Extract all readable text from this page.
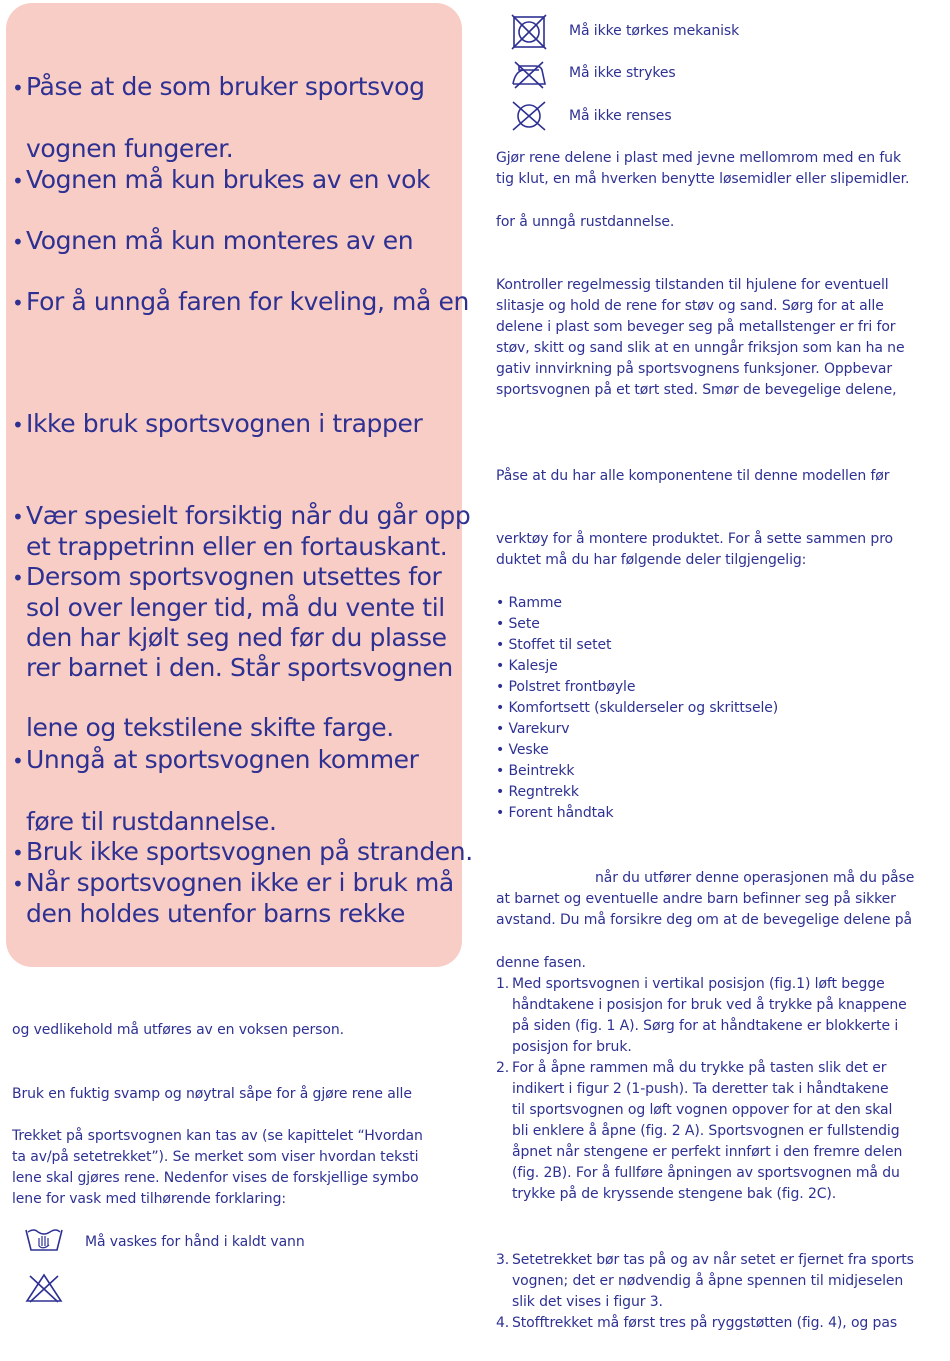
• Påse at de som bruker sportsvog
vognen fungerer.
• Vognen må kun brukes av en vok
• Vognen må kun monteres av en
• For å unngå faren for kveling, må en
• Ikke bruk sportsvognen i trapper
• Vær spesielt forsiktig når du går opp
et trappetrinn eller en fortauskant.
• Dersom sportsvognen utsettes for
sol over lenger tid, må du vente til
den har kjølt seg ned før du plasse
rer barnet i den. Står sportsvognen
lene og tekstilene skifte farge.
• Unngå at sportsvognen kommer
føre til rustdannelse.
• Bruk ikke sportsvognen på stranden.
• Når sportsvognen ikke er i bruk må
den holdes utenfor barns rekke
og vedlikehold må utføres av en voksen person.
Bruk en fuktig svamp og nøytral såpe for å gjøre rene alle
Trekket på sportsvognen kan tas av (se kapittelet “Hvordan
ta av/på setetrekket”). Se merket som viser hvordan teksti
lene skal gjøres rene. Nedenfor vises de forskjellige symbo
lene for vask med tilhørende forklaring:
Må vaskes for hånd i kaldt vann
Må ikke tørkes mekanisk
Må ikke strykes
Må ikke renses
Gjør rene delene i plast med jevne mellomrom med en fuk
tig klut, en må hverken benytte løsemidler eller slipemidler.
for å unngå rustdannelse.
Kontroller regelmessig tilstanden til hjulene for eventuell
slitasje og hold de rene for støv og sand. Sørg for at alle
delene i plast som beveger seg på metallstenger er fri for
støv, skitt og sand slik at en unngår friksjon som kan ha ne
gativ innvirkning på sportsvognens funksjoner. Oppbevar
sportsvognen på et tørt sted. Smør de bevegelige delene,
Påse at du har alle komponentene til denne modellen før
verktøy for å montere produktet. For å sette sammen pro
duktet må du har følgende deler tilgjengelig:
• Ramme
• Sete
• Stoffet til setet
• Kalesje
• Polstret frontbøyle
• Komfortsett (skulderseler og skrittsele)
• Varekurv
• Veske
• Beintrekk
• Regntrekk
• Forent håndtak
når du utfører denne operasjonen må du påse
at barnet og eventuelle andre barn befinner seg på sikker
avstand. Du må forsikre deg om at de bevegelige delene på
denne fasen.
1. Med sportsvognen i vertikal posisjon (fig.1) løft begge
håndtakene i posisjon for bruk ved å trykke på knappene
på siden (fig. 1 A). Sørg for at håndtakene er blokkerte i
posisjon for bruk.
2. For å åpne rammen må du trykke på tasten slik det er
indikert i figur 2 (1-push). Ta deretter tak i håndtakene
til sportsvognen og løft vognen oppover for at den skal
bli enklere å åpne (fig. 2 A). Sportsvognen er fullstendig
åpnet når stengene er perfekt innført i den fremre delen
(fig. 2B). For å fullføre åpningen av sportsvognen må du
trykke på de kryssende stengene bak (fig. 2C).
3. Setetrekket bør tas på og av når setet er fjernet fra sports
vognen; det er nødvendig å åpne spennen til midjeselen
slik det vises i figur 3.
4. Stofftrekket må først tres på ryggstøtten (fig. 4), og pas
